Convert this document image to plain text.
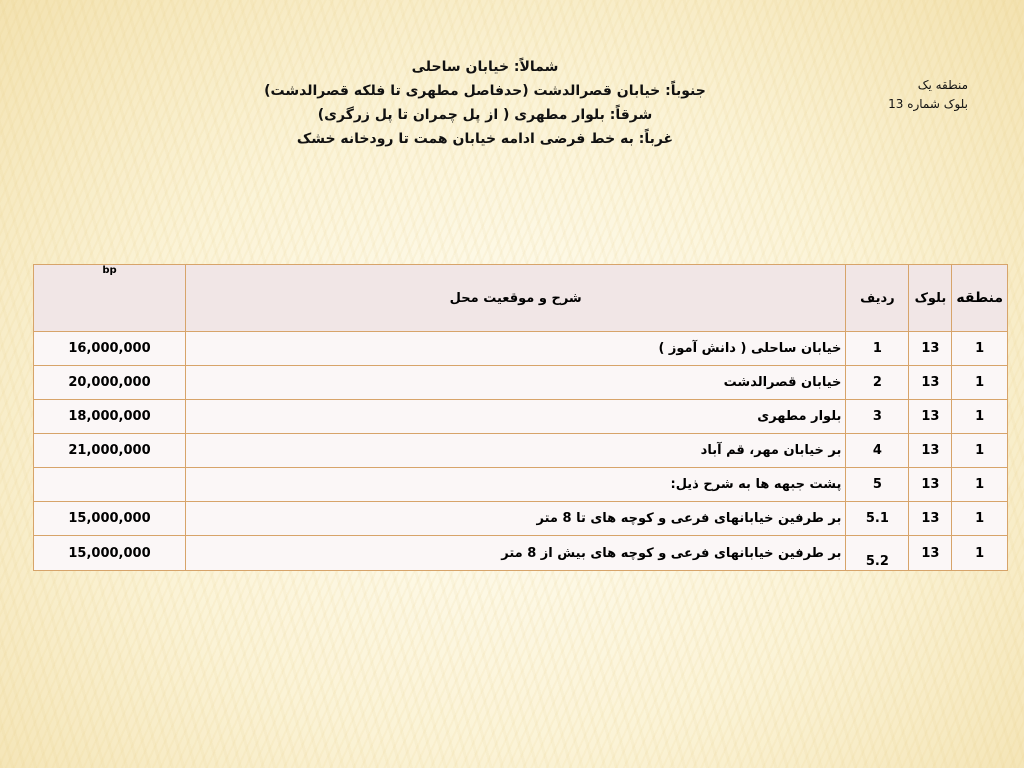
شمالاً: خیابان ساحلی
جنوباً: خیابان قصرالدشت (حدفاصل مطهری تا فلکه قصرالدشت)
شرقاً: بلوار مطهری ( از پل چمران تا پل زرگری)
غرباً: به خط فرضی ادامه خیابان همت تا رودخانه خشک
منطقه یک
بلوک شماره 13
منطقه	بلوک	ردیف	شرح و موقعیت محل	bp
1	13	1	خیابان ساحلی ( دانش آموز )	16,000,000
1	13	2	خیابان قصرالدشت	20,000,000
1	13	3	بلوار مطهری	18,000,000
1	13	4	بر خیابان مهر، قم آباد	21,000,000
1	13	5	پشت جبهه ها به شرح ذیل:	
1	13	5.1	بر طرفین خیابانهای فرعی و کوچه های تا 8 متر	15,000,000
1	13	5.2	بر طرفین خیابانهای فرعی و کوچه های بیش از 8 متر	15,000,000
